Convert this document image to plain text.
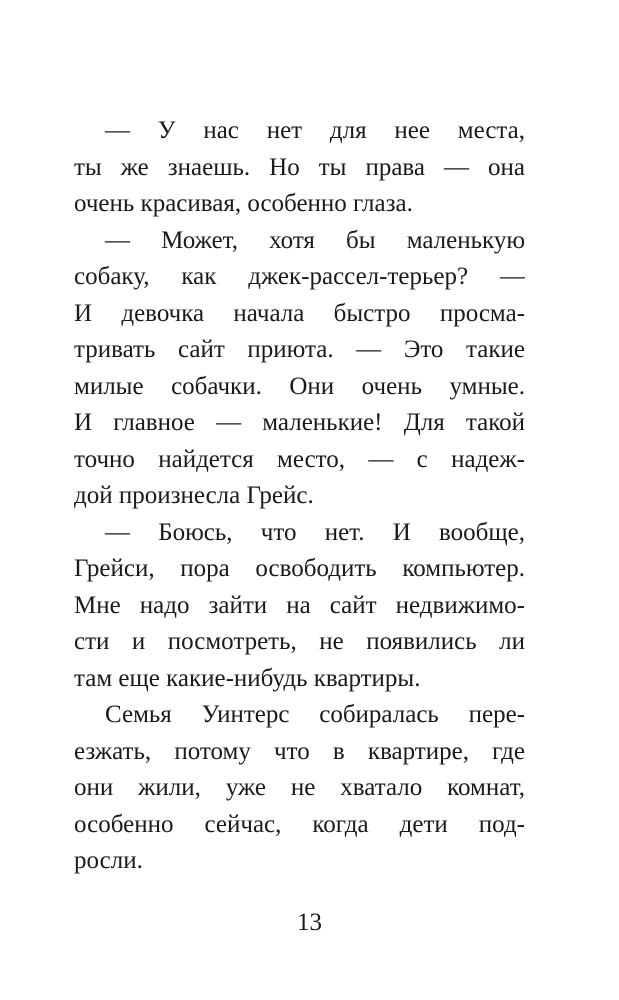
— У нас нет для нее места,
ты же знаешь. Но ты права — она
очень красивая, особенно глаза.
— Может, хотя бы маленькую
собаку, как джек-рассел-терьер? —
И девочка начала быстро просма-
тривать сайт приюта. — Это такие
милые собачки. Они очень умные.
И главное — маленькие! Для такой
точно найдется место, — с надеж-
дой произнесла Грейс.
— Боюсь, что нет. И вообще,
Грейси, пора освободить компьютер.
Мне надо зайти на сайт недвижимо-
сти и посмотреть, не появились ли
там еще какие-нибудь квартиры.
Семья Уинтерс собиралась пере-
езжать, потому что в квартире, где
они жили, уже не хватало комнат,
особенно сейчас, когда дети под-
росли.
13
